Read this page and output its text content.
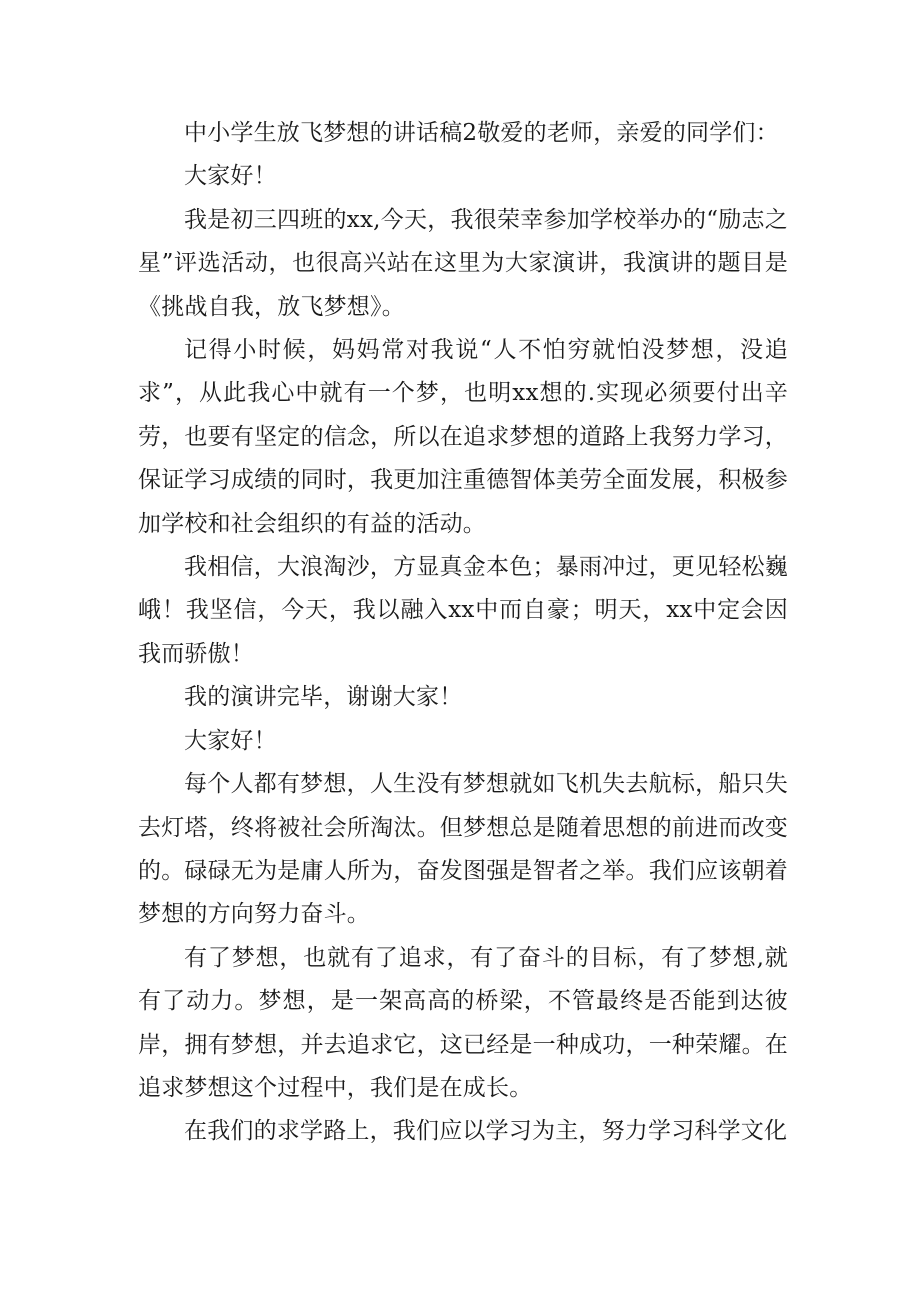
中小学生放飞梦想的讲话稿2敬爱的老师，亲爱的同学们：

大家好！

我是初三四班的xx,今天，我很荣幸参加学校举办的“励志之星”评选活动，也很高兴站在这里为大家演讲，我演讲的题目是《挑战自我，放飞梦想》。

记得小时候，妈妈常对我说“人不怕穷就怕没梦想，没追求”，从此我心中就有一个梦，也明xx想的.实现必须要付出辛劳，也要有坚定的信念，所以在追求梦想的道路上我努力学习，保证学习成绩的同时，我更加注重德智体美劳全面发展，积极参加学校和社会组织的有益的活动。

我相信，大浪淘沙，方显真金本色；暴雨冲过，更见轻松巍峨！我坚信，今天，我以融入xx中而自豪；明天，xx中定会因我而骄傲！

我的演讲完毕，谢谢大家！

大家好！

每个人都有梦想，人生没有梦想就如飞机失去航标，船只失去灯塔，终将被社会所淘汰。但梦想总是随着思想的前进而改变的。碌碌无为是庸人所为，奋发图强是智者之举。我们应该朝着梦想的方向努力奋斗。

有了梦想，也就有了追求，有了奋斗的目标，有了梦想,就有了动力。梦想，是一架高高的桥梁，不管最终是否能到达彼岸，拥有梦想，并去追求它，这已经是一种成功，一种荣耀。在追求梦想这个过程中，我们是在成长。

在我们的求学路上，我们应以学习为主，努力学习科学文化
